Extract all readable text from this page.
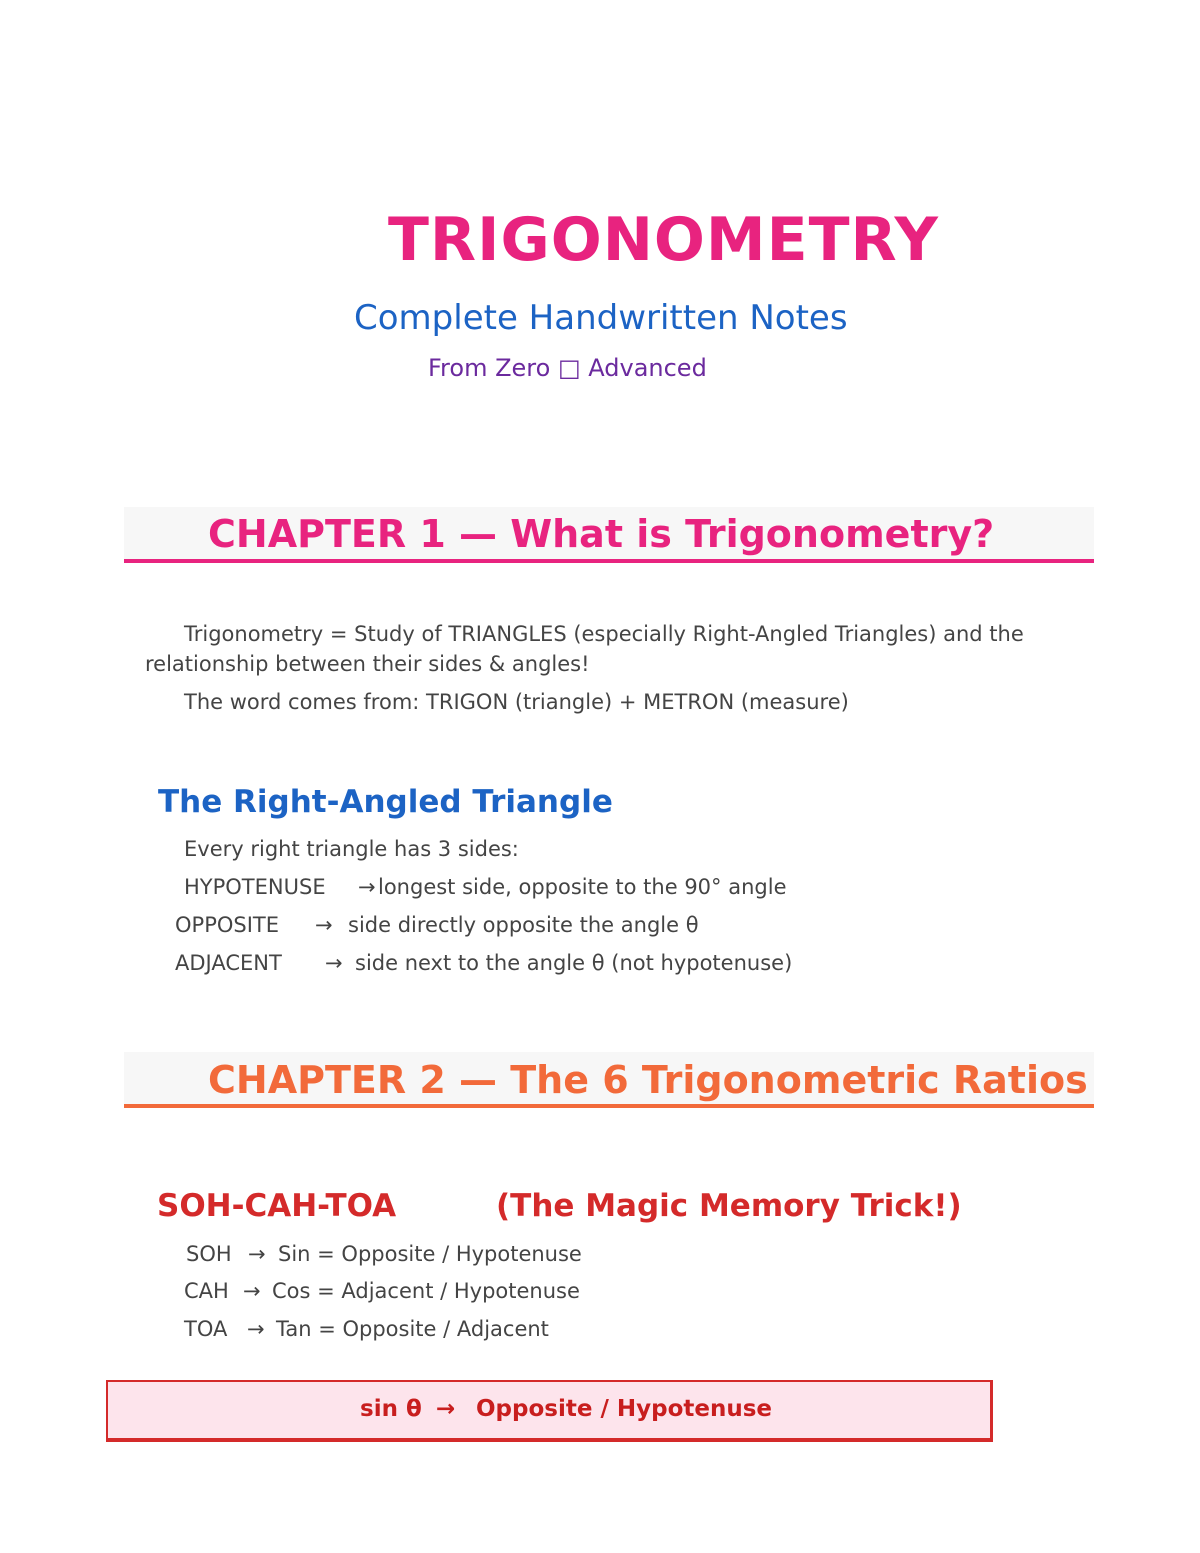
TRIGONOMETRY
Complete Handwritten Notes
From Zero □ Advanced
CHAPTER 1 — What is Trigonometry?
Trigonometry = Study of TRIANGLES (especially Right-Angled Triangles) and the
relationship between their sides & angles!
The word comes from: TRIGON (triangle) + METRON (measure)
The Right-Angled Triangle
Every right triangle has 3 sides:
HYPOTENUSE → longest side, opposite to the 90° angle
OPPOSITE → side directly opposite the angle θ
ADJACENT → side next to the angle θ (not hypotenuse)
CHAPTER 2 — The 6 Trigonometric Ratios
SOH-CAH-TOA	(The Magic Memory Trick!)
SOH → Sin = Opposite / Hypotenuse
CAH → Cos = Adjacent / Hypotenuse
TOA → Tan = Opposite / Adjacent
sin θ → Opposite / Hypotenuse
